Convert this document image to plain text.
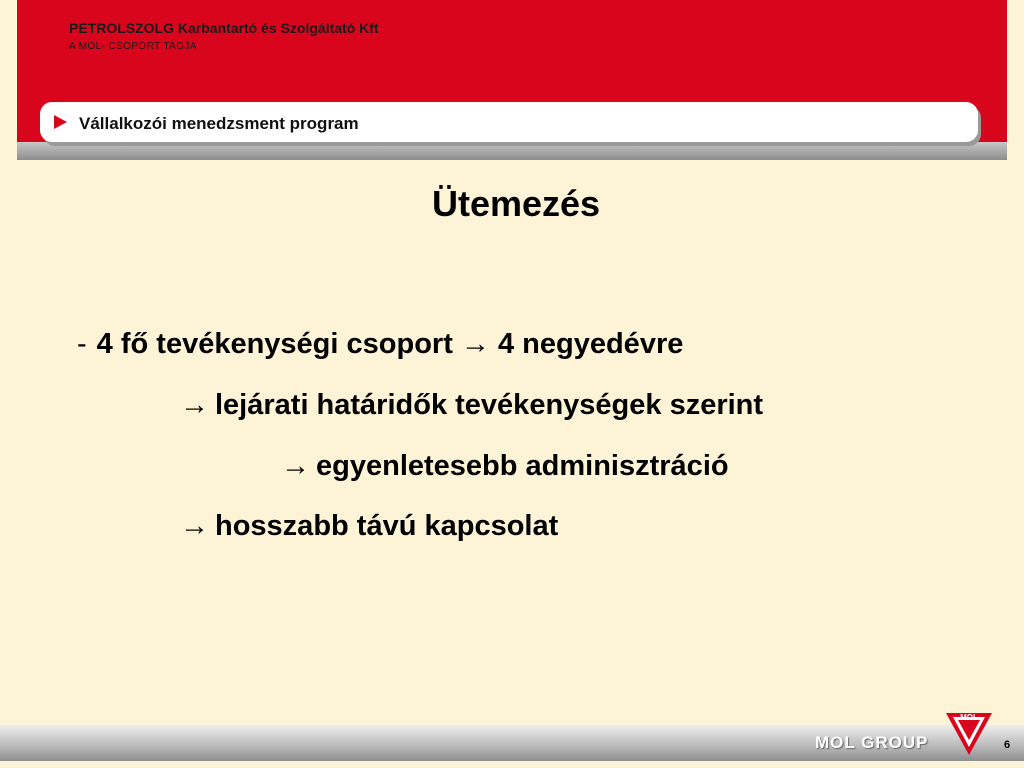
PETROLSZOLG Karbantartó és Szolgáltató Kft
A MOL- CSOPORT TAGJA
Vállalkozói menedzsment program
Ütemezés
- 4 fő tevékenységi csoport → 4 negyedévre
→ lejárati határidők tevékenységek szerint
→ egyenletesebb adminisztráció
→ hosszabb távú kapcsolat
MOL GROUP
MOL
6
